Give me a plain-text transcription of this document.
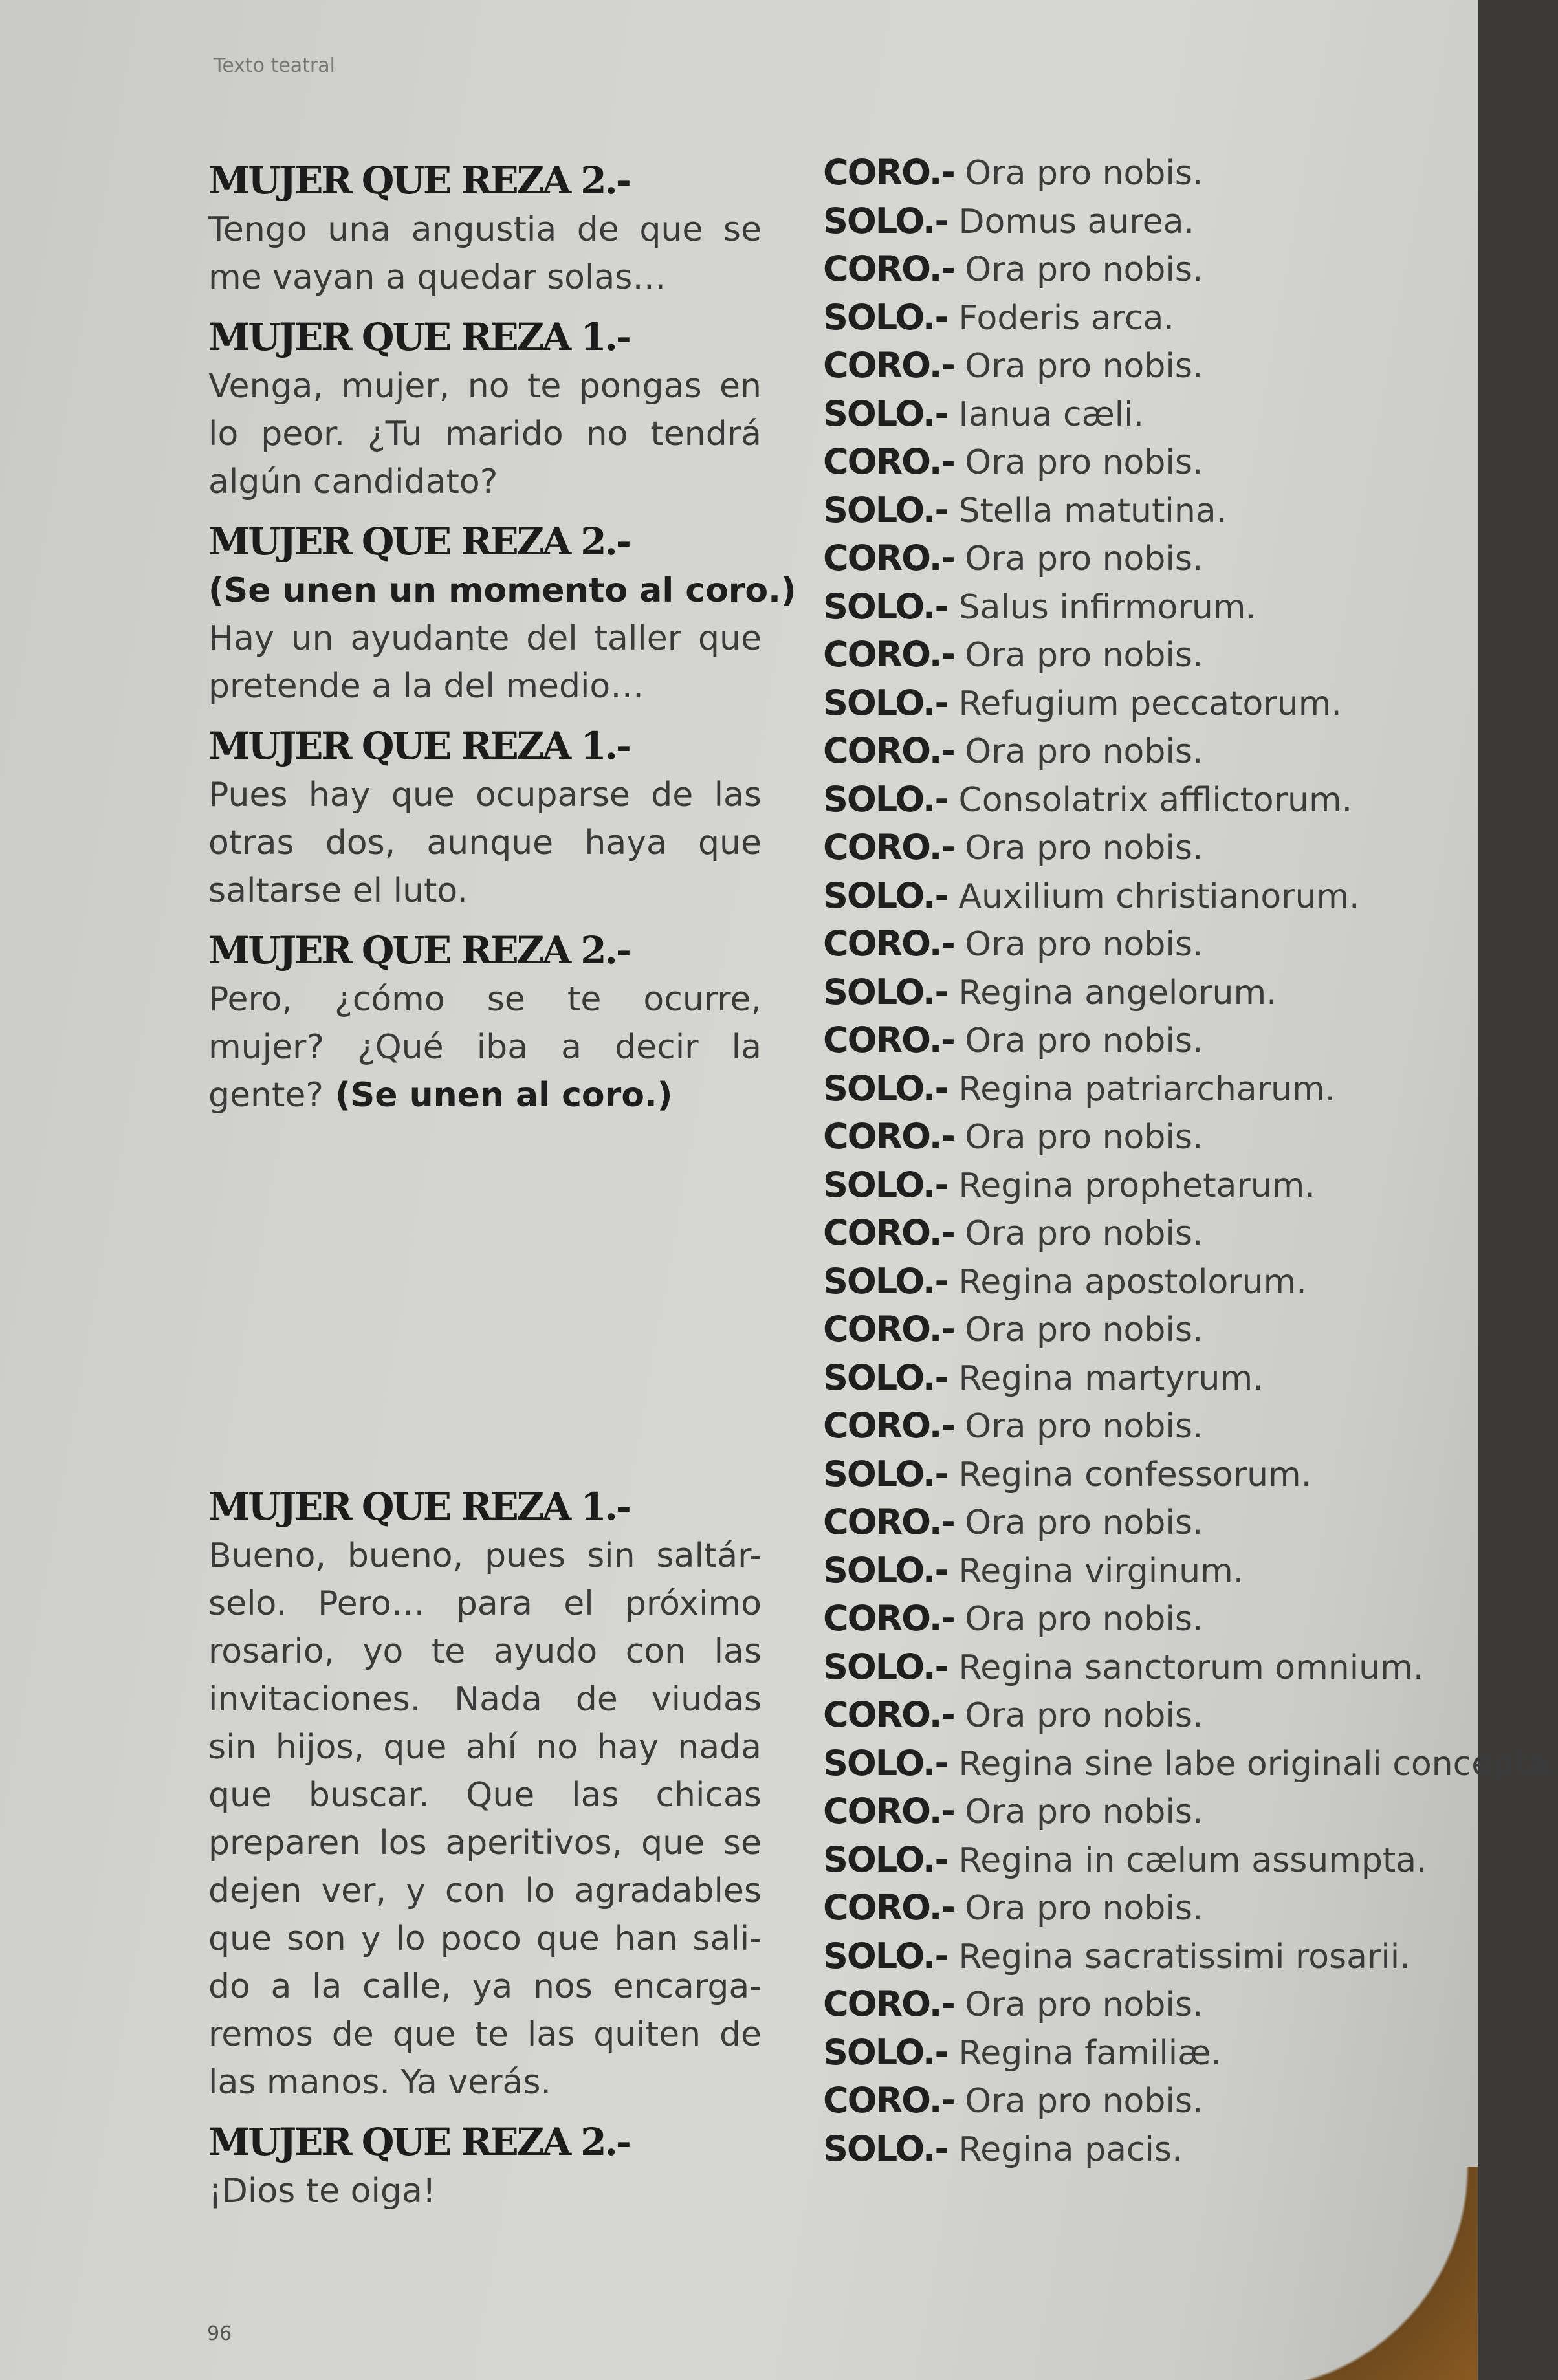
Texto teatral
MUJER QUE REZA 2.-
Tengo una angustia de que se
me vayan a quedar solas…
MUJER QUE REZA 1.-
Venga, mujer, no te pongas en
lo peor. ¿Tu marido no tendrá
algún candidato?
MUJER QUE REZA 2.-
(Se unen un momento al coro.)
Hay un ayudante del taller que
pretende a la del medio…
MUJER QUE REZA 1.-
Pues hay que ocuparse de las
otras dos, aunque haya que
saltarse el luto.
MUJER QUE REZA 2.-
Pero, ¿cómo se te ocurre,
mujer? ¿Qué iba a decir la
gente? (Se unen al coro.)
MUJER QUE REZA 1.-
Bueno, bueno, pues sin saltár-
selo. Pero… para el próximo
rosario, yo te ayudo con las
invitaciones. Nada de viudas
sin hijos, que ahí no hay nada
que buscar. Que las chicas
preparen los aperitivos, que se
dejen ver, y con lo agradables
que son y lo poco que han sali-
do a la calle, ya nos encarga-
remos de que te las quiten de
las manos. Ya verás.
MUJER QUE REZA 2.-
¡Dios te oiga!
CORO.- Ora pro nobis.
SOLO.- Domus aurea.
CORO.- Ora pro nobis.
SOLO.- Foderis arca.
CORO.- Ora pro nobis.
SOLO.- Ianua cæli.
CORO.- Ora pro nobis.
SOLO.- Stella matutina.
CORO.- Ora pro nobis.
SOLO.- Salus infirmorum.
CORO.- Ora pro nobis.
SOLO.- Refugium peccatorum.
CORO.- Ora pro nobis.
SOLO.- Consolatrix afflictorum.
CORO.- Ora pro nobis.
SOLO.- Auxilium christianorum.
CORO.- Ora pro nobis.
SOLO.- Regina angelorum.
CORO.- Ora pro nobis.
SOLO.- Regina patriarcharum.
CORO.- Ora pro nobis.
SOLO.- Regina prophetarum.
CORO.- Ora pro nobis.
SOLO.- Regina apostolorum.
CORO.- Ora pro nobis.
SOLO.- Regina martyrum.
CORO.- Ora pro nobis.
SOLO.- Regina confessorum.
CORO.- Ora pro nobis.
SOLO.- Regina virginum.
CORO.- Ora pro nobis.
SOLO.- Regina sanctorum omnium.
CORO.- Ora pro nobis.
SOLO.- Regina sine labe originali concepta.
CORO.- Ora pro nobis.
SOLO.- Regina in cælum assumpta.
CORO.- Ora pro nobis.
SOLO.- Regina sacratissimi rosarii.
CORO.- Ora pro nobis.
SOLO.- Regina familiæ.
CORO.- Ora pro nobis.
SOLO.- Regina pacis.
96
